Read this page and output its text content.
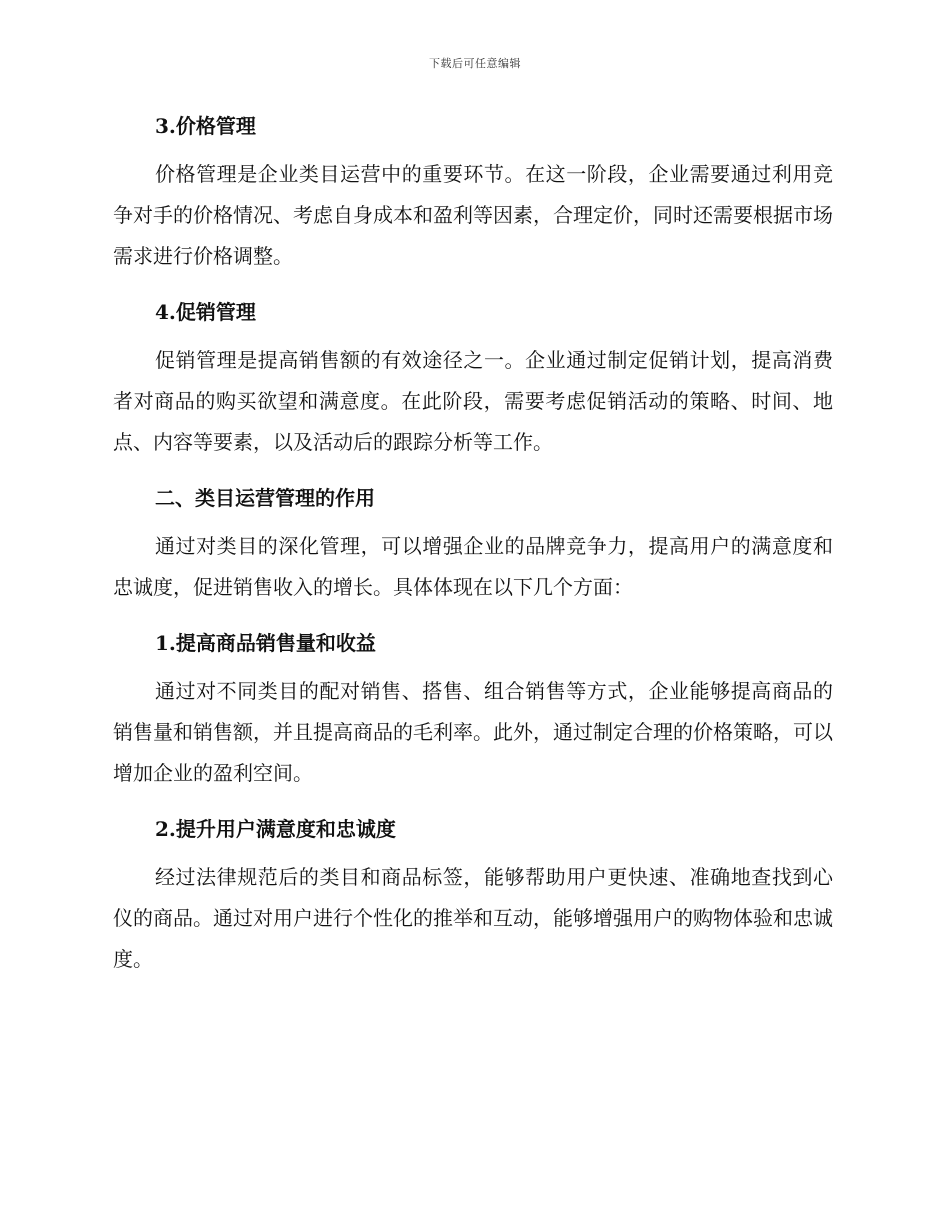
下载后可任意编辑
3.价格管理

价格管理是企业类目运营中的重要环节。在这一阶段，企业需要通过利用竞争对手的价格情况、考虑自身成本和盈利等因素，合理定价，同时还需要根据市场需求进行价格调整。

4.促销管理

促销管理是提高销售额的有效途径之一。企业通过制定促销计划，提高消费者对商品的购买欲望和满意度。在此阶段，需要考虑促销活动的策略、时间、地点、内容等要素，以及活动后的跟踪分析等工作。

二、类目运营管理的作用

通过对类目的深化管理，可以增强企业的品牌竞争力，提高用户的满意度和忠诚度，促进销售收入的增长。具体体现在以下几个方面：

1.提高商品销售量和收益

通过对不同类目的配对销售、搭售、组合销售等方式，企业能够提高商品的销售量和销售额，并且提高商品的毛利率。此外，通过制定合理的价格策略，可以增加企业的盈利空间。

2.提升用户满意度和忠诚度

经过法律规范后的类目和商品标签，能够帮助用户更快速、准确地查找到心仪的商品。通过对用户进行个性化的推举和互动，能够增强用户的购物体验和忠诚度。
